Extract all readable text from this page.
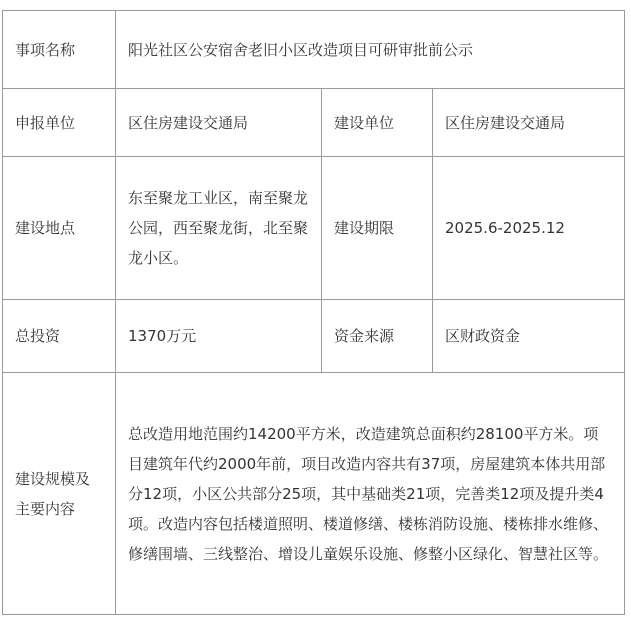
事项名称	阳光社区公安宿舍老旧小区改造项目可研审批前公示		
申报单位	区住房建设交通局	建设单位	区住房建设交通局
建设地点	东至聚龙工业区，南至聚龙公园，西至聚龙街，北至聚龙小区。	建设期限	2025.6-2025.12
总投资	1370万元	资金来源	区财政资金
建设规模及主要内容	总改造用地范围约14200平方米，改造建筑总面积约28100平方米。项目建筑年代约2000年前，项目改造内容共有37项，房屋建筑本体共用部分12项，小区公共部分25项，其中基础类21项，完善类12项及提升类4项。改造内容包括楼道照明、楼道修缮、楼栋消防设施、楼栋排水维修、修缮围墙、三线整治、增设儿童娱乐设施、修整小区绿化、智慧社区等。		
